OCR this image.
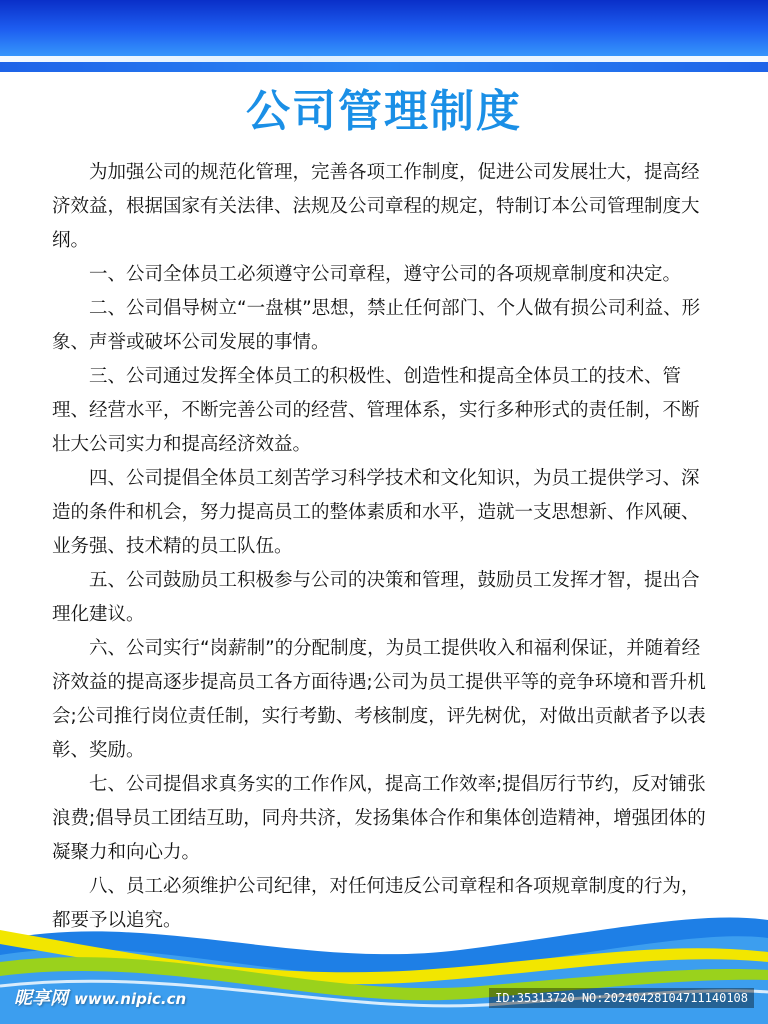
公司管理制度

为加强公司的规范化管理，完善各项工作制度，促进公司发展壮大，提高经济效益，根据国家有关法律、法规及公司章程的规定，特制订本公司管理制度大纲。

一、公司全体员工必须遵守公司章程，遵守公司的各项规章制度和决定。

二、公司倡导树立“一盘棋”思想，禁止任何部门、个人做有损公司利益、形象、声誉或破坏公司发展的事情。

三、公司通过发挥全体员工的积极性、创造性和提高全体员工的技术、管理、经营水平，不断完善公司的经营、管理体系，实行多种形式的责任制，不断壮大公司实力和提高经济效益。

四、公司提倡全体员工刻苦学习科学技术和文化知识，为员工提供学习、深造的条件和机会，努力提高员工的整体素质和水平，造就一支思想新、作风硬、业务强、技术精的员工队伍。

五、公司鼓励员工积极参与公司的决策和管理，鼓励员工发挥才智，提出合理化建议。

六、公司实行“岗薪制”的分配制度，为员工提供收入和福利保证，并随着经济效益的提高逐步提高员工各方面待遇;公司为员工提供平等的竞争环境和晋升机会;公司推行岗位责任制，实行考勤、考核制度，评先树优，对做出贡献者予以表彰、奖励。

七、公司提倡求真务实的工作作风，提高工作效率;提倡厉行节约，反对铺张浪费;倡导员工团结互助，同舟共济，发扬集体合作和集体创造精神，增强团体的凝聚力和向心力。

八、员工必须维护公司纪律，对任何违反公司章程和各项规章制度的行为，都要予以追究。

昵享网 www.nipic.cn	ID:35313720 NO:20240428104711140108
